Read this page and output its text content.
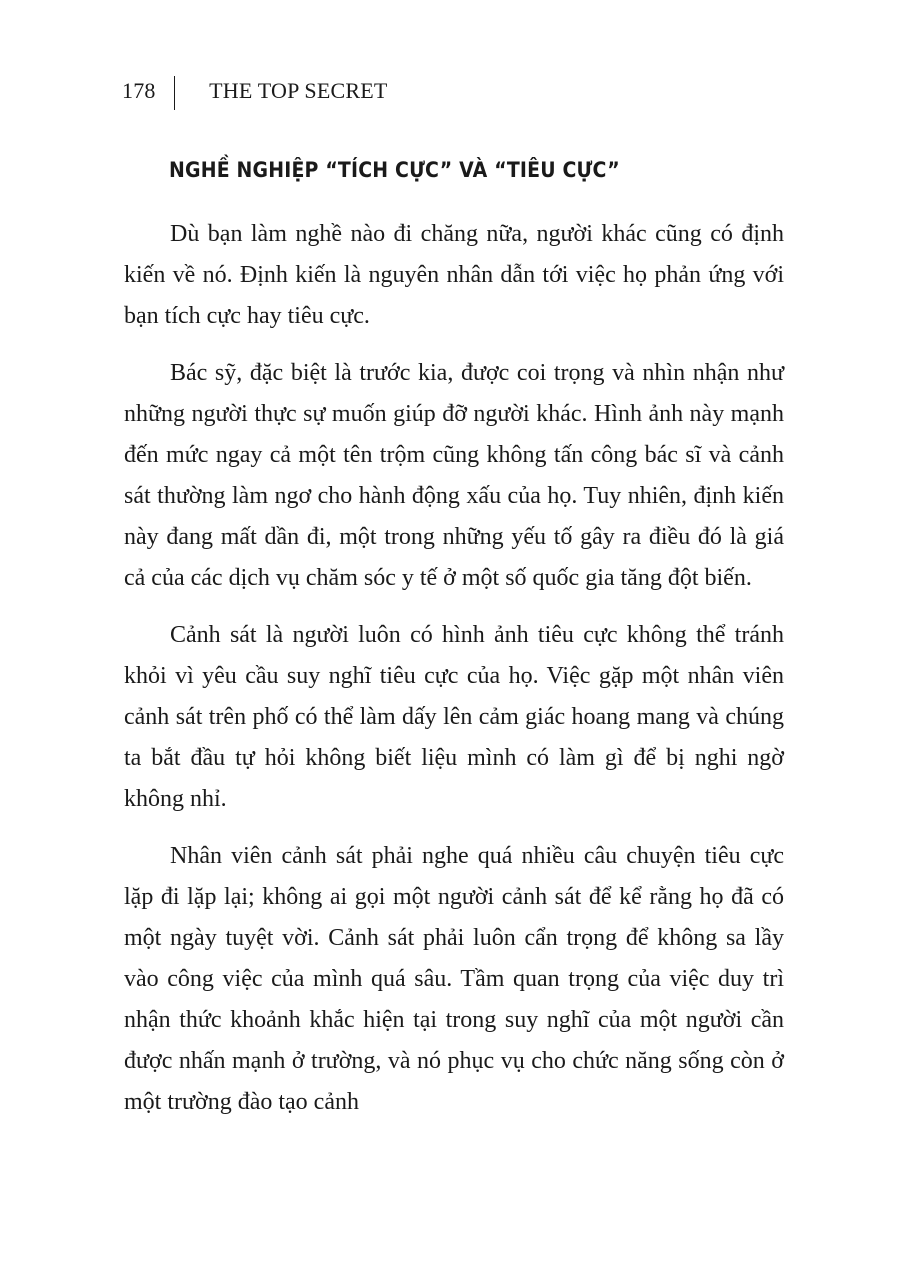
178 THE TOP SECRET
NGHỀ NGHIỆP “TÍCH CỰC” VÀ “TIÊU CỰC”

Dù bạn làm nghề nào đi chăng nữa, người khác cũng có định kiến về nó. Định kiến là nguyên nhân dẫn tới việc họ phản ứng với bạn tích cực hay tiêu cực.

Bác sỹ, đặc biệt là trước kia, được coi trọng và nhìn nhận như những người thực sự muốn giúp đỡ người khác. Hình ảnh này mạnh đến mức ngay cả một tên trộm cũng không tấn công bác sĩ và cảnh sát thường làm ngơ cho hành động xấu của họ. Tuy nhiên, định kiến này đang mất dần đi, một trong những yếu tố gây ra điều đó là giá cả của các dịch vụ chăm sóc y tế ở một số quốc gia tăng đột biến.

Cảnh sát là người luôn có hình ảnh tiêu cực không thể tránh khỏi vì yêu cầu suy nghĩ tiêu cực của họ. Việc gặp một nhân viên cảnh sát trên phố có thể làm dấy lên cảm giác hoang mang và chúng ta bắt đầu tự hỏi không biết liệu mình có làm gì để bị nghi ngờ không nhỉ.

Nhân viên cảnh sát phải nghe quá nhiều câu chuyện tiêu cực lặp đi lặp lại; không ai gọi một người cảnh sát để kể rằng họ đã có một ngày tuyệt vời. Cảnh sát phải luôn cẩn trọng để không sa lầy vào công việc của mình quá sâu. Tầm quan trọng của việc duy trì nhận thức khoảnh khắc hiện tại trong suy nghĩ của một người cần được nhấn mạnh ở trường, và nó phục vụ cho chức năng sống còn ở một trường đào tạo cảnh
